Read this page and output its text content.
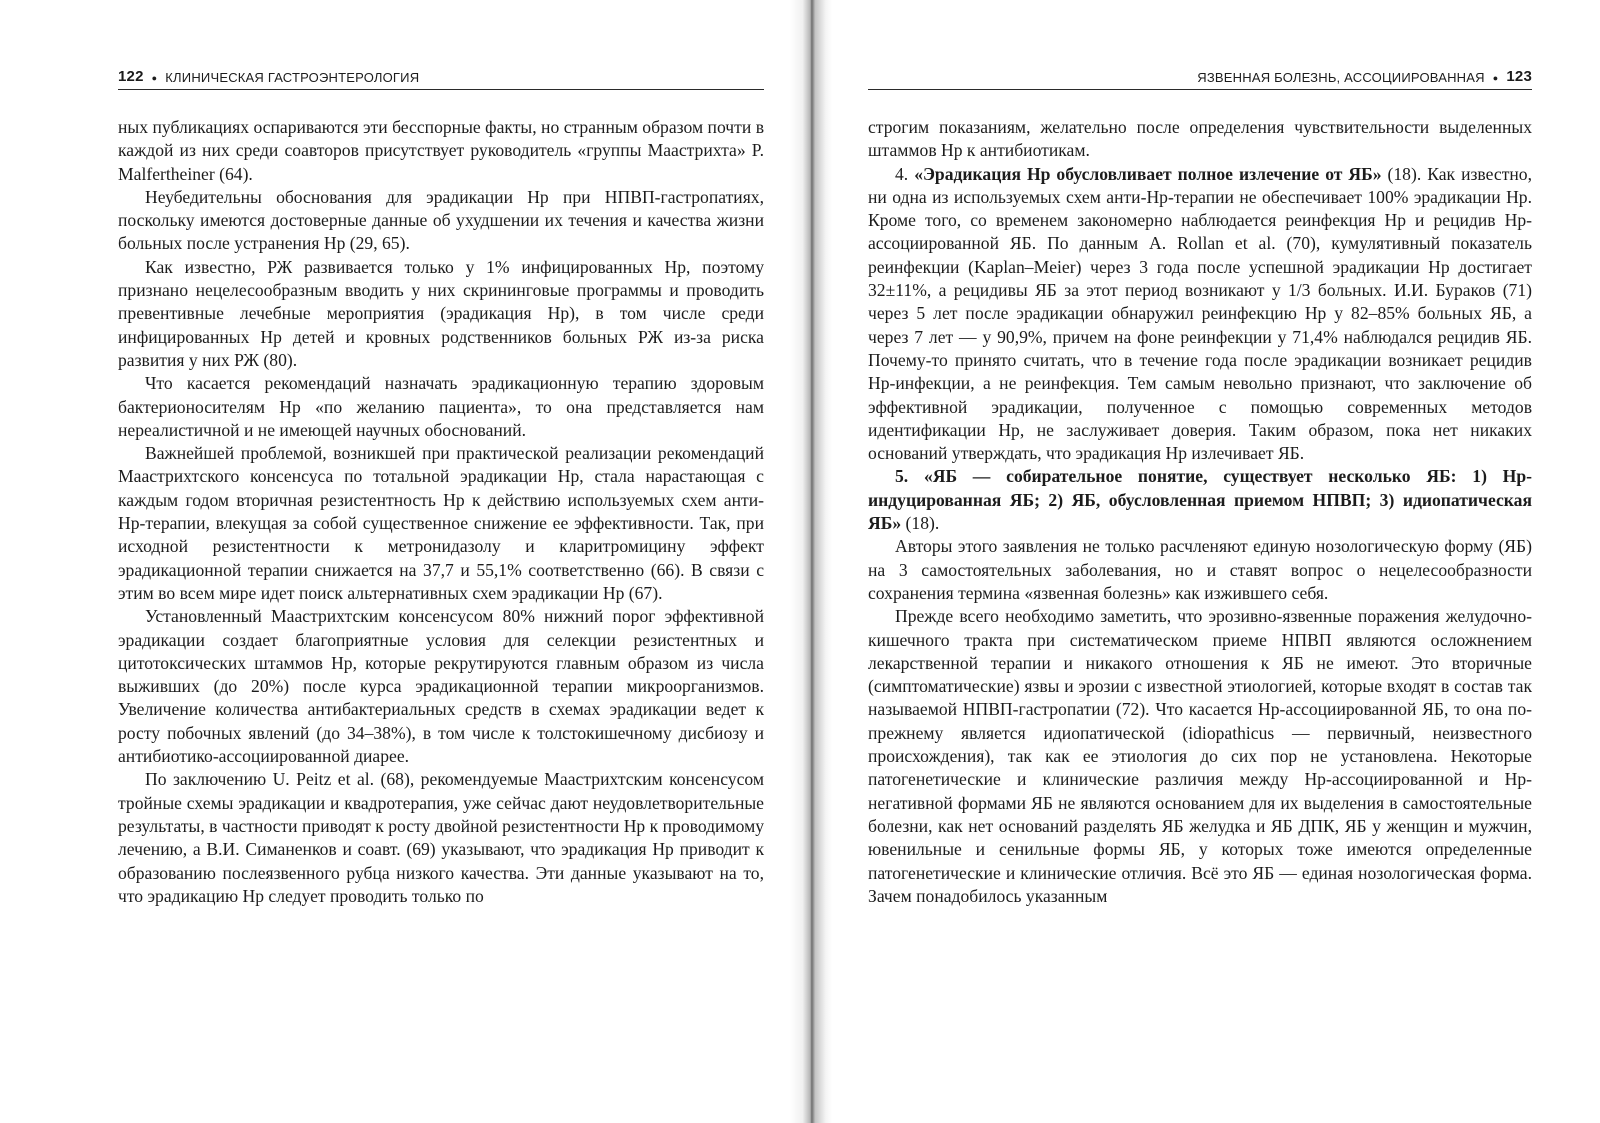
122 ● КЛИНИЧЕСКАЯ ГАСТРОЭНТЕРОЛОГИЯ

ных публикациях оспариваются эти бесспорные факты, но странным образом почти в каждой из них среди соавторов присутствует руководитель «группы Маастрихта» P. Malfertheiner (64).

Неубедительны обоснования для эрадикации Нр при НПВП-гастропатиях, поскольку имеются достоверные данные об ухудшении их течения и качества жизни больных после устранения Нр (29, 65).

Как известно, РЖ развивается только у 1% инфицированных Нр, поэтому признано нецелесообразным вводить у них скрининговые программы и проводить превентивные лечебные мероприятия (эрадикация Нр), в том числе среди инфицированных Нр детей и кровных родственников больных РЖ из-за риска развития у них РЖ (80).

Что касается рекомендаций назначать эрадикационную терапию здоровым бактерионосителям Нр «по желанию пациента», то она представляется нам нереалистичной и не имеющей научных обоснований.

Важнейшей проблемой, возникшей при практической реализации рекомендаций Маастрихтского консенсуса по тотальной эрадикации Нр, стала нарастающая с каждым годом вторичная резистентность Нр к действию используемых схем анти-Нр-терапии, влекущая за собой существенное снижение ее эффективности. Так, при исходной резистентности к метронидазолу и кларитромицину эффект эрадикационной терапии снижается на 37,7 и 55,1% соответственно (66). В связи с этим во всем мире идет поиск альтернативных схем эрадикации Нр (67).

Установленный Маастрихтским консенсусом 80% нижний порог эффективной эрадикации создает благоприятные условия для селекции резистентных и цитотоксических штаммов Нр, которые рекрутируются главным образом из числа выживших (до 20%) после курса эрадикационной терапии микроорганизмов. Увеличение количества антибактериальных средств в схемах эрадикации ведет к росту побочных явлений (до 34–38%), в том числе к толстокишечному дисбиозу и антибиотико-ассоциированной диарее.

По заключению U. Peitz et al. (68), рекомендуемые Маастрихтским консенсусом тройные схемы эрадикации и квадротерапия, уже сейчас дают неудовлетворительные результаты, в частности приводят к росту двойной резистентности Нр к проводимому лечению, а В.И. Симаненков и соавт. (69) указывают, что эрадикация Нр приводит к образованию послеязвенного рубца низкого качества. Эти данные указывают на то, что эрадикацию Нр следует проводить только по

ЯЗВЕННАЯ БОЛЕЗНЬ, АССОЦИИРОВАННАЯ ● 123

строгим показаниям, желательно после определения чувствительности выделенных штаммов Нр к антибиотикам.

4. «Эрадикация Нр обусловливает полное излечение от ЯБ» (18). Как известно, ни одна из используемых схем анти-Нр-терапии не обеспечивает 100% эрадикации Нр. Кроме того, со временем закономерно наблюдается реинфекция Нр и рецидив Нр-ассоциированной ЯБ. По данным A. Rollan et al. (70), кумулятивный показатель реинфекции (Kaplan–Meier) через 3 года после успешной эрадикации Нр достигает 32±11%, а рецидивы ЯБ за этот период возникают у 1/3 больных. И.И. Бураков (71) через 5 лет после эрадикации обнаружил реинфекцию Нр у 82–85% больных ЯБ, а через 7 лет — у 90,9%, причем на фоне реинфекции у 71,4% наблюдался рецидив ЯБ. Почему-то принято считать, что в течение года после эрадикации возникает рецидив Нр-инфекции, а не реинфекция. Тем самым невольно признают, что заключение об эффективной эрадикации, полученное с помощью современных методов идентификации Нр, не заслуживает доверия. Таким образом, пока нет никаких оснований утверждать, что эрадикация Нр излечивает ЯБ.

5. «ЯБ — собирательное понятие, существует несколько ЯБ: 1) Нр-индуцированная ЯБ; 2) ЯБ, обусловленная приемом НПВП; 3) идиопатическая ЯБ» (18).

Авторы этого заявления не только расчленяют единую нозологическую форму (ЯБ) на 3 самостоятельных заболевания, но и ставят вопрос о нецелесообразности сохранения термина «язвенная болезнь» как изжившего себя.

Прежде всего необходимо заметить, что эрозивно-язвенные поражения желудочно-кишечного тракта при систематическом приеме НПВП являются осложнением лекарственной терапии и никакого отношения к ЯБ не имеют. Это вторичные (симптоматические) язвы и эрозии с известной этиологией, которые входят в состав так называемой НПВП-гастропатии (72). Что касается Нр-ассоциированной ЯБ, то она по-прежнему является идиопатической (idiopathicus — первичный, неизвестного происхождения), так как ее этиология до сих пор не установлена. Некоторые патогенетические и клинические различия между Нр-ассоциированной и Нр-негативной формами ЯБ не являются основанием для их выделения в самостоятельные болезни, как нет оснований разделять ЯБ желудка и ЯБ ДПК, ЯБ у женщин и мужчин, ювенильные и сенильные формы ЯБ, у которых тоже имеются определенные патогенетические и клинические отличия. Всё это ЯБ — единая нозологическая форма. Зачем понадобилось указанным
